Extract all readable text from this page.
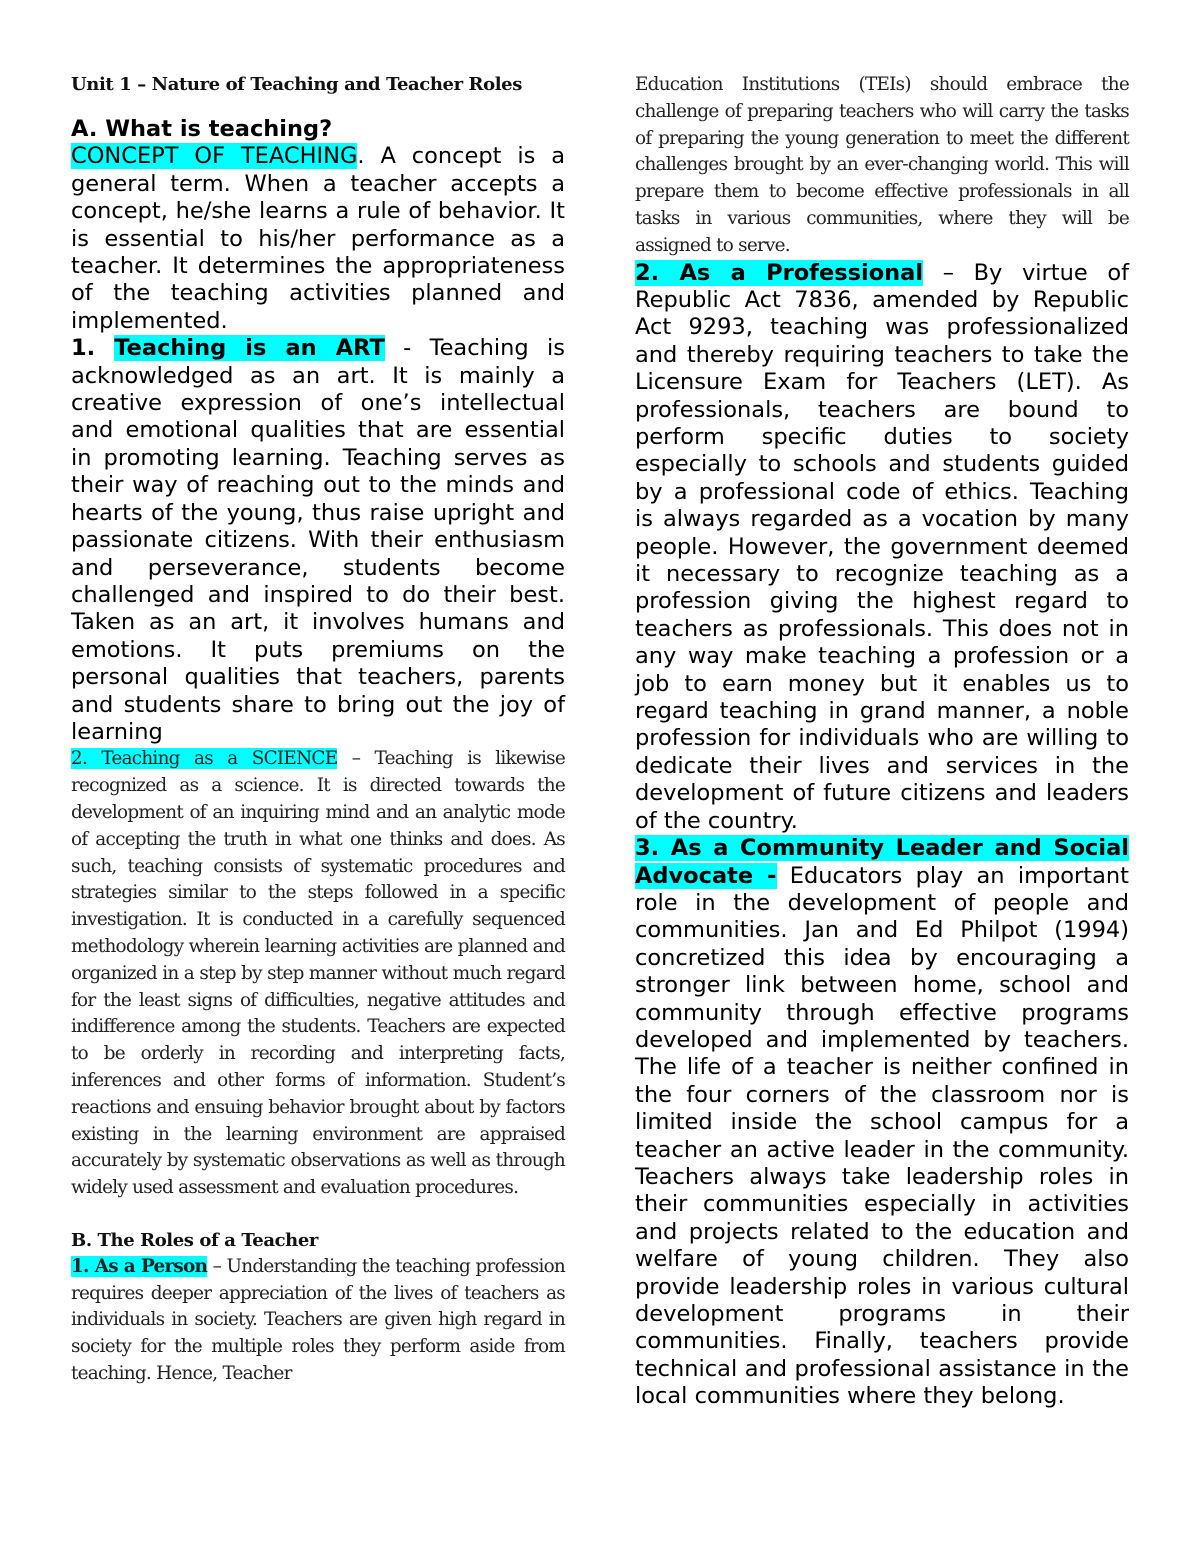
Unit 1 – Nature of Teaching and Teacher Roles

A. What is teaching?

CONCEPT OF TEACHING. A concept is a general term. When a teacher accepts a concept, he/she learns a rule of behavior. It is essential to his/her performance as a teacher. It determines the appropriateness of the teaching activities planned and implemented.

1. Teaching is an ART - Teaching is acknowledged as an art. It is mainly a creative expression of one’s intellectual and emotional qualities that are essential in promoting learning. Teaching serves as their way of reaching out to the minds and hearts of the young, thus raise upright and passionate citizens. With their enthusiasm and perseverance, students become challenged and inspired to do their best. Taken as an art, it involves humans and emotions. It puts premiums on the personal qualities that teachers, parents and students share to bring out the joy of learning

2. Teaching as a SCIENCE – Teaching is likewise recognized as a science. It is directed towards the development of an inquiring mind and an analytic mode of accepting the truth in what one thinks and does. As such, teaching consists of systematic procedures and strategies similar to the steps followed in a specific investigation. It is conducted in a carefully sequenced methodology wherein learning activities are planned and organized in a step by step manner without much regard for the least signs of difficulties, negative attitudes and indifference among the students. Teachers are expected to be orderly in recording and interpreting facts, inferences and other forms of information. Student’s reactions and ensuing behavior brought about by factors existing in the learning environment are appraised accurately by systematic observations as well as through widely used assessment and evaluation procedures.

B. The Roles of a Teacher

1. As a Person – Understanding the teaching profession requires deeper appreciation of the lives of teachers as individuals in society. Teachers are given high regard in society for the multiple roles they perform aside from teaching. Hence, Teacher

Education Institutions (TEIs) should embrace the challenge of preparing teachers who will carry the tasks of preparing the young generation to meet the different challenges brought by an ever-changing world. This will prepare them to become effective professionals in all tasks in various communities, where they will be assigned to serve.

2. As a Professional – By virtue of Republic Act 7836, amended by Republic Act 9293, teaching was professionalized and thereby requiring teachers to take the Licensure Exam for Teachers (LET). As professionals, teachers are bound to perform specific duties to society especially to schools and students guided by a professional code of ethics. Teaching is always regarded as a vocation by many people. However, the government deemed it necessary to recognize teaching as a profession giving the highest regard to teachers as professionals. This does not in any way make teaching a profession or a job to earn money but it enables us to regard teaching in grand manner, a noble profession for individuals who are willing to dedicate their lives and services in the development of future citizens and leaders of the country.

3. As a Community Leader and Social Advocate - Educators play an important role in the development of people and communities. Jan and Ed Philpot (1994) concretized this idea by encouraging a stronger link between home, school and community through effective programs developed and implemented by teachers. The life of a teacher is neither confined in the four corners of the classroom nor is limited inside the school campus for a teacher an active leader in the community. Teachers always take leadership roles in their communities especially in activities and projects related to the education and welfare of young children. They also provide leadership roles in various cultural development programs in their communities. Finally, teachers provide technical and professional assistance in the local communities where they belong.
